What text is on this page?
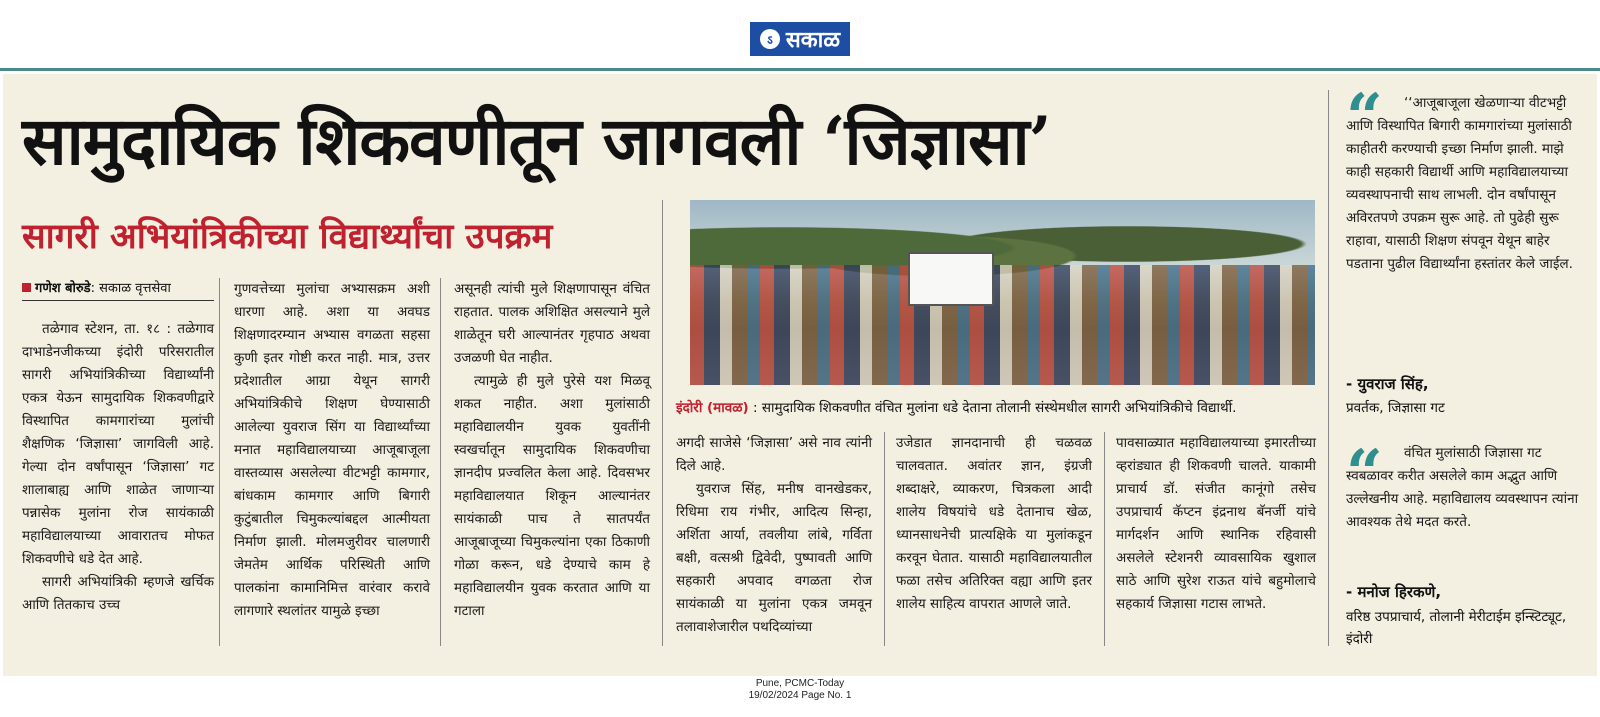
ऽ सकाळ
सामुदायिक शिकवणीतून जागवली ‘जिज्ञासा’
सागरी अभियांत्रिकीच्या विद्यार्थ्यांचा उपक्रम
गणेश बोरुडे: सकाळ वृत्तसेवा

तळेगाव स्टेशन, ता. १८ : तळेगाव दाभाडेनजीकच्या इंदोरी परिसरातील सागरी अभियांत्रिकीच्या विद्यार्थ्यांनी एकत्र येऊन सामुदायिक शिकवणीद्वारे विस्थापित कामगारांच्या मुलांची शैक्षणिक ‘जिज्ञासा’ जागविली आहे. गेल्या दोन वर्षांपासून ‘जिज्ञासा’ गट शालाबाह्य आणि शाळेत जाणाऱ्या पन्नासेक मुलांना रोज सायंकाळी महाविद्यालयाच्या आवारातच मोफत शिकवणीचे धडे देत आहे.

सागरी अभियांत्रिकी म्हणजे खर्चिक आणि तितकाच उच्च

गुणवत्तेच्या मुलांचा अभ्यासक्रम अशी धारणा आहे. अशा या अवघड शिक्षणादरम्यान अभ्यास वगळता सहसा कुणी इतर गोष्टी करत नाही. मात्र, उत्तर प्रदेशातील आग्रा येथून सागरी अभियांत्रिकीचे शिक्षण घेण्यासाठी आलेल्या युवराज सिंग या विद्यार्थ्यांच्या मनात महाविद्यालयाच्या आजूबाजूला वास्तव्यास असलेल्या वीटभट्टी कामगार, बांधकाम कामगार आणि बिगारी कुटुंबातील चिमुकल्यांबद्दल आत्मीयता निर्माण झाली. मोलमजुरीवर चालणारी जेमतेम आर्थिक परिस्थिती आणि पालकांना कामानिमित्त वारंवार करावे लागणारे स्थलांतर यामुळे इच्छा

असूनही त्यांची मुले शिक्षणापासून वंचित राहतात. पालक अशिक्षित असल्याने मुले शाळेतून घरी आल्यानंतर गृहपाठ अथवा उजळणी घेत नाहीत.

त्यामुळे ही मुले पुरेसे यश मिळवू शकत नाहीत. अशा मुलांसाठी महाविद्यालयीन युवक युवतींनी स्वखर्चातून सामुदायिक शिकवणीचा ज्ञानदीप प्रज्वलित केला आहे. दिवसभर महाविद्यालयात शिकून आल्यानंतर सायंकाळी पाच ते सातपर्यंत आजूबाजूच्या चिमुकल्यांना एका ठिकाणी गोळा करून, धडे देण्याचे काम हे महाविद्यालयीन युवक करतात आणि या गटाला

इंदोरी (मावळ) : सामुदायिक शिकवणीत वंचित मुलांना धडे देताना तोलानी संस्थेमधील सागरी अभियांत्रिकीचे विद्यार्थी.

अगदी साजेसे ‘जिज्ञासा’ असे नाव त्यांनी दिले आहे.

युवराज सिंह, मनीष वानखेडकर, रिधिमा राय गंभीर, आदित्य सिन्हा, अर्शिता आर्या, तवलीया लांबे, गर्विता बक्षी, वत्सश्री द्विवेदी, पुष्पावती आणि सहकारी अपवाद वगळता रोज सायंकाळी या मुलांना एकत्र जमवून तलावाशेजारील पथदिव्यांच्या

उजेडात ज्ञानदानाची ही चळवळ चालवतात. अवांतर ज्ञान, इंग्रजी शब्दाक्षरे, व्याकरण, चित्रकला आदी शालेय विषयांचे धडे देतानाच खेळ, ध्यानसाधनेची प्रात्यक्षिके या मुलांकडून करवून घेतात. यासाठी महाविद्यालयातील फळा तसेच अतिरिक्त वह्या आणि इतर शालेय साहित्य वापरात आणले जाते.

पावसाळ्यात महाविद्यालयाच्या इमारतीच्या व्हरांड्यात ही शिकवणी चालते. याकामी प्राचार्य डॉ. संजीत कानूंगो तसेच उपप्राचार्य कॅप्टन इंद्रनाथ बॅनर्जी यांचे मार्गदर्शन आणि स्थानिक रहिवासी असलेले स्टेशनरी व्यावसायिक खुशाल साठे आणि सुरेश राऊत यांचे बहुमोलाचे सहकार्य जिज्ञासा गटास लाभते.

“	‘‘आजूबाजूला खेळणाऱ्या वीटभट्टी आणि विस्थापित बिगारी कामगारांच्या मुलांसाठी काहीतरी करण्याची इच्छा निर्माण झाली. माझे काही सहकारी विद्यार्थी आणि महाविद्यालयाच्या व्यवस्थापनाची साथ लाभली. दोन वर्षांपासून अविरतपणे उपक्रम सुरू आहे. तो पुढेही सुरू राहावा, यासाठी शिक्षण संपवून येथून बाहेर पडताना पुढील विद्यार्थ्यांना हस्तांतर केले जाईल.
- युवराज सिंह,
प्रवर्तक, जिज्ञासा गट
“	वंचित मुलांसाठी जिज्ञासा गट स्वबळावर करीत असलेले काम अद्भुत आणि उल्लेखनीय आहे. महाविद्यालय व्यवस्थापन त्यांना आवश्यक तेथे मदत करते.
- मनोज हिरकणे,
वरिष्ठ उपप्राचार्य, तोलानी मेरीटाईम इन्स्टिट्यूट, इंदोरी
Pune, PCMC-Today
19/02/2024 Page No. 1
